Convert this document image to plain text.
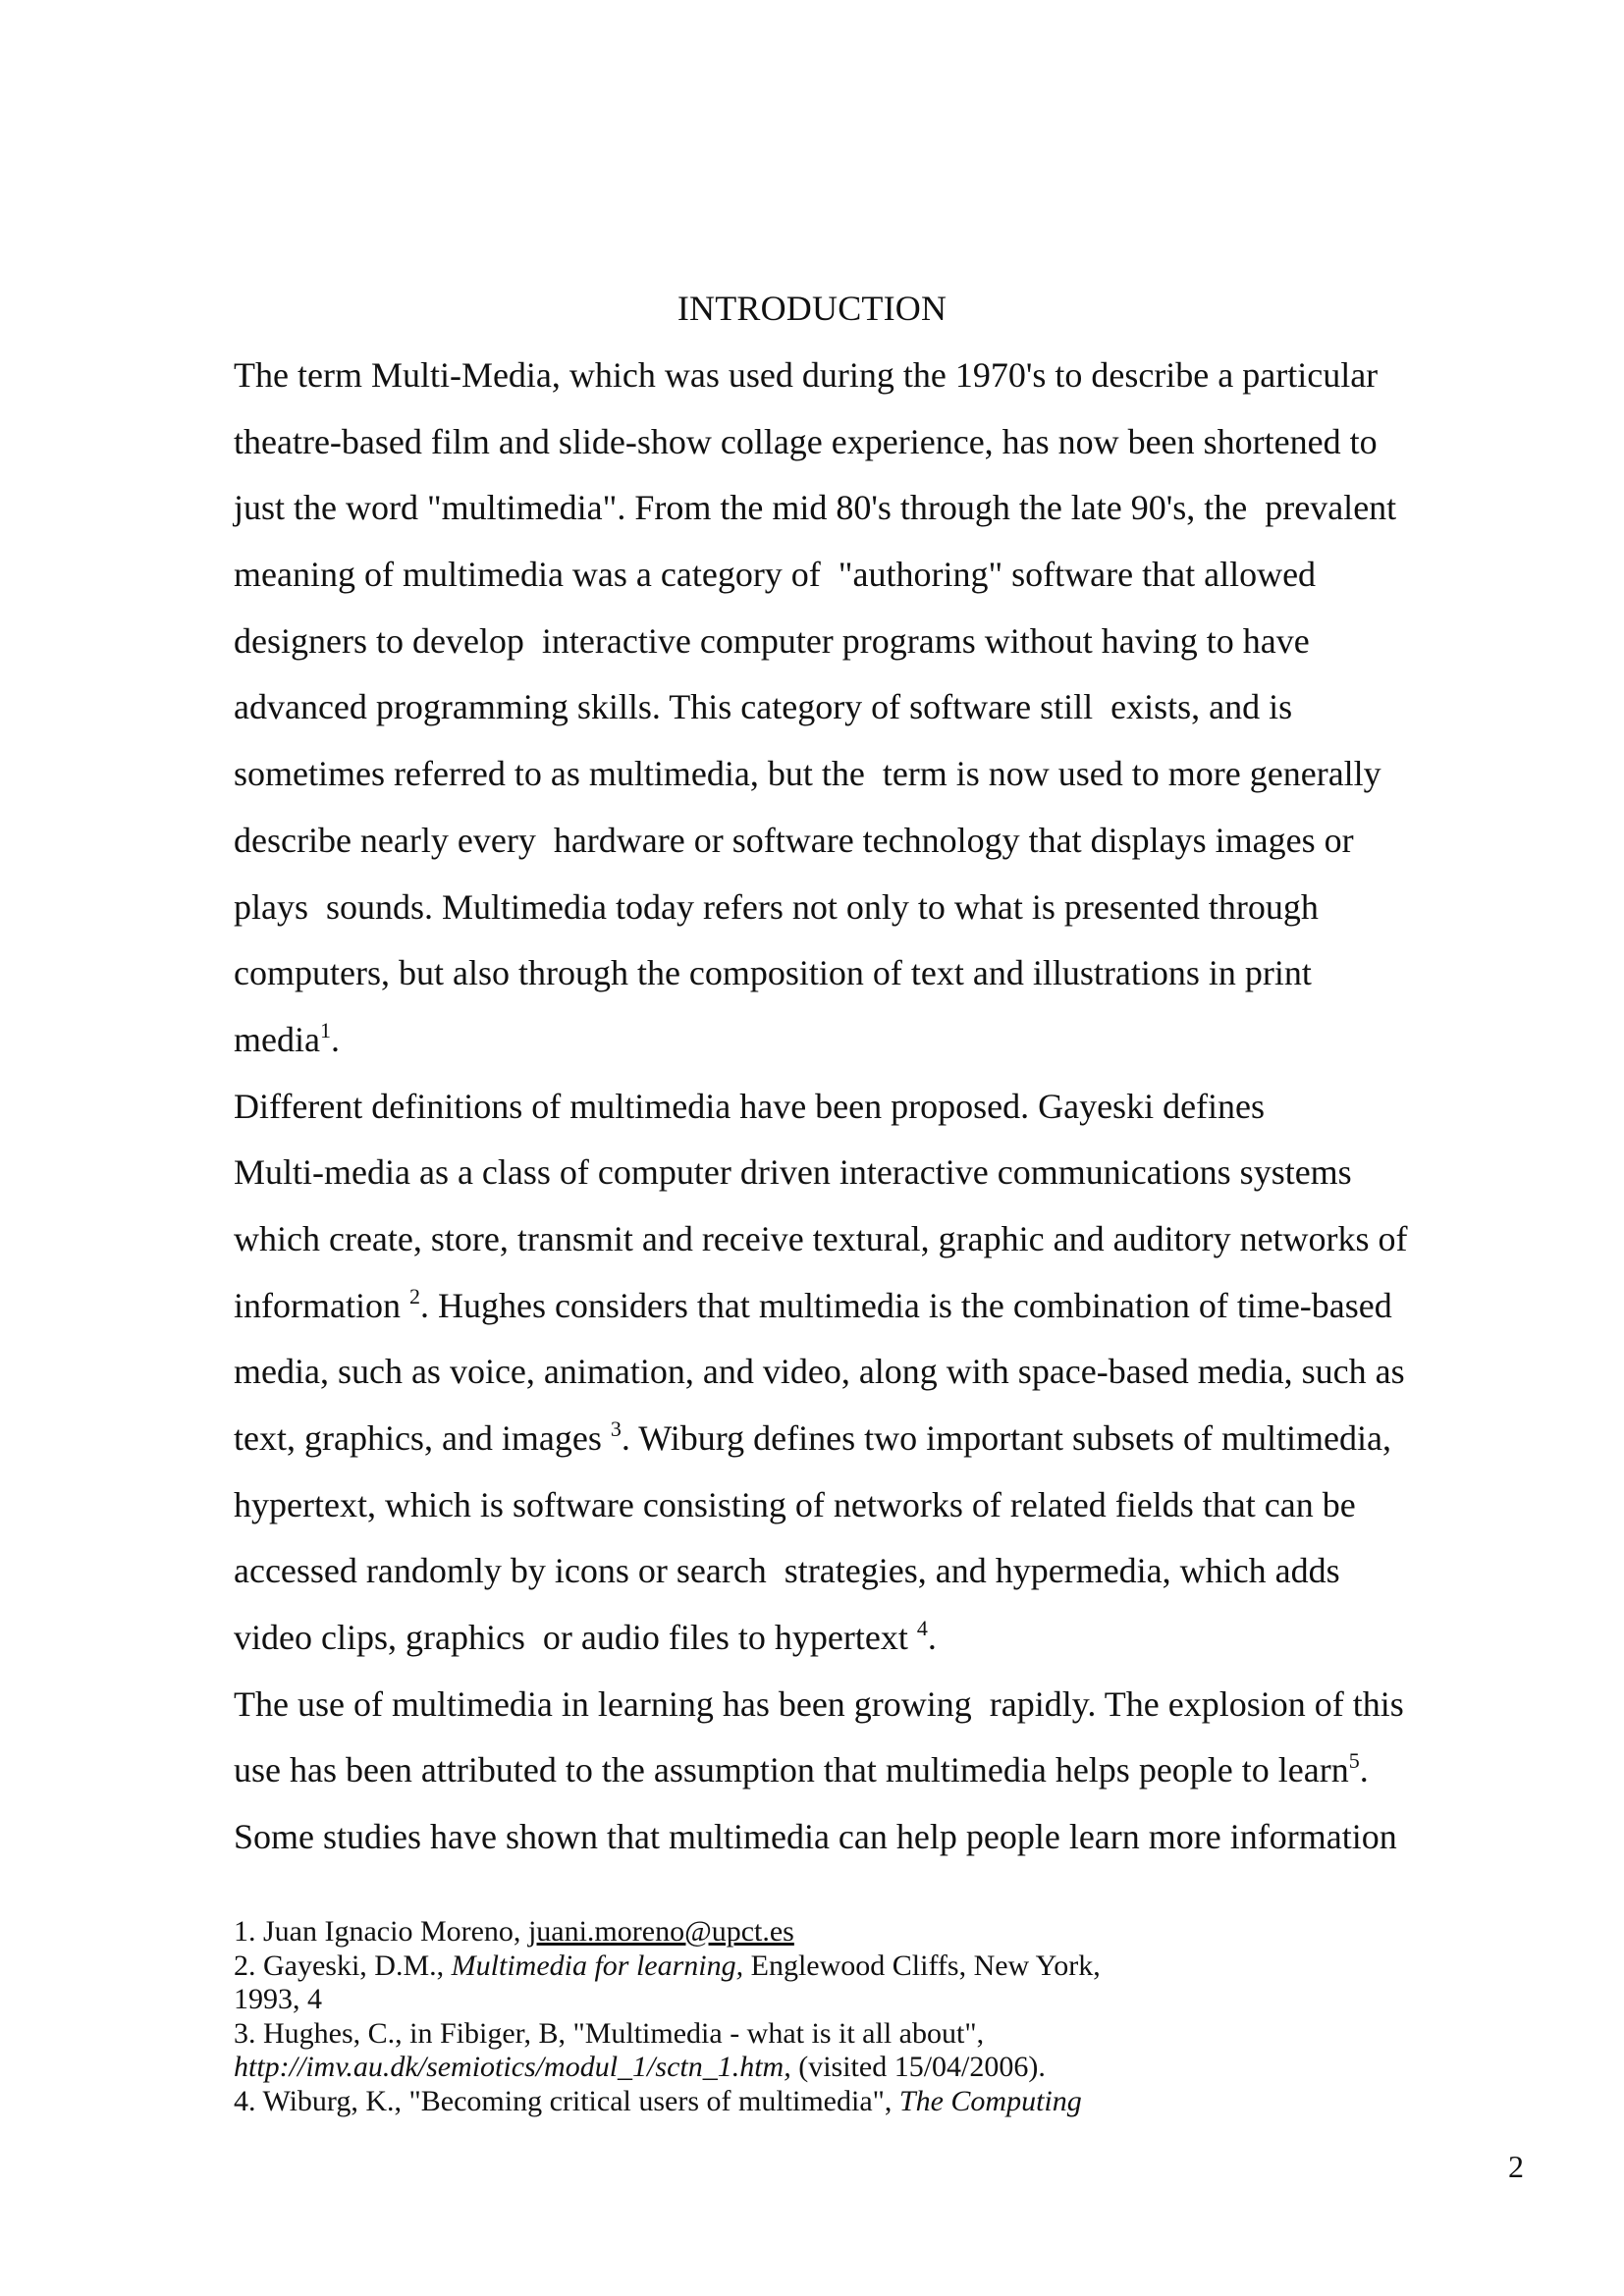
INTRODUCTION
The term Multi-Media, which was used during the 1970's to describe a particular
theatre-based film and slide-show collage experience, has now been shortened to
just the word "multimedia". From the mid 80's through the late 90's, the  prevalent
meaning of multimedia was a category of  "authoring" software that allowed
designers to develop  interactive computer programs without having to have
advanced programming skills. This category of software still  exists, and is
sometimes referred to as multimedia, but the  term is now used to more generally
describe nearly every  hardware or software technology that displays images or
plays  sounds. Multimedia today refers not only to what is presented through
computers, but also through the composition of text and illustrations in print
media$^1$.
Different definitions of multimedia have been proposed. Gayeski defines
Multi-media as a class of computer driven interactive communications systems
which create, store, transmit and receive textural, graphic and auditory networks of
information $^2$. Hughes considers that multimedia is the combination of time-based
media, such as voice, animation, and video, along with space-based media, such as
text, graphics, and images $^3$. Wiburg defines two important subsets of multimedia,
hypertext, which is software consisting of networks of related fields that can be
accessed randomly by icons or search  strategies, and hypermedia, which adds
video clips, graphics  or audio files to hypertext $^4$.
The use of multimedia in learning has been growing  rapidly. The explosion of this
use has been attributed to the assumption that multimedia helps people to learn$^5$.
Some studies have shown that multimedia can help people learn more information
1. Juan Ignacio Moreno, juani.moreno@upct.es
2. Gayeski, D.M., Multimedia for learning, Englewood Cliffs, New York,
1993, 4
3. Hughes, C., in Fibiger, B, "Multimedia - what is it all about",
http://imv.au.dk/semiotics/modul_1/sctn_1.htm, (visited 15/04/2006).
4. Wiburg, K., "Becoming critical users of multimedia", The Computing
2
